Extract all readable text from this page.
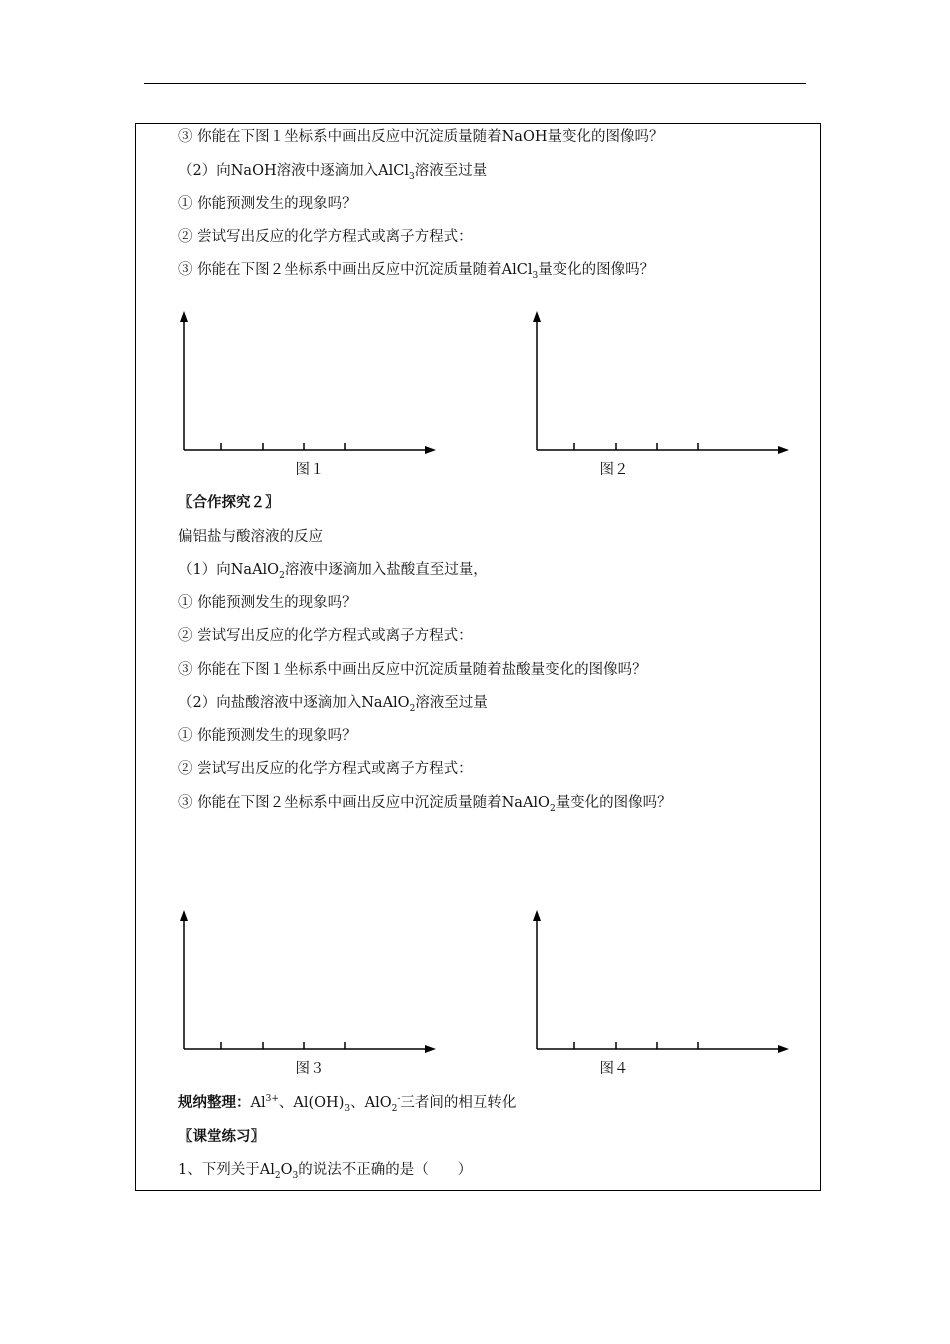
③ 你能在下图１坐标系中画出反应中沉淀质量随着NaOH量变化的图像吗？
（2）向NaOH溶液中逐滴加入AlCl$_3$溶液至过量
① 你能预测发生的现象吗？
② 尝试写出反应的化学方程式或离子方程式：
③ 你能在下图２坐标系中画出反应中沉淀质量随着AlCl$_3$量变化的图像吗？
图１	图２
〖合作探究２〗
偏铝盐与酸溶液的反应
（1）向NaAlO$_2$溶液中逐滴加入盐酸直至过量，
① 你能预测发生的现象吗？
② 尝试写出反应的化学方程式或离子方程式：
③ 你能在下图１坐标系中画出反应中沉淀质量随着盐酸量变化的图像吗？
（2）向盐酸溶液中逐滴加入NaAlO$_2$溶液至过量
① 你能预测发生的现象吗？
② 尝试写出反应的化学方程式或离子方程式：
③ 你能在下图２坐标系中画出反应中沉淀质量随着NaAlO$_2$量变化的图像吗？
图３	图４
规纳整理：$Al^{3+}$、$Al(OH)_3$、AlO$_2$-三者间的相互转化
〖课堂练习〗
1、下列关于$Al_2O_3$的说法不正确的是（　　）
